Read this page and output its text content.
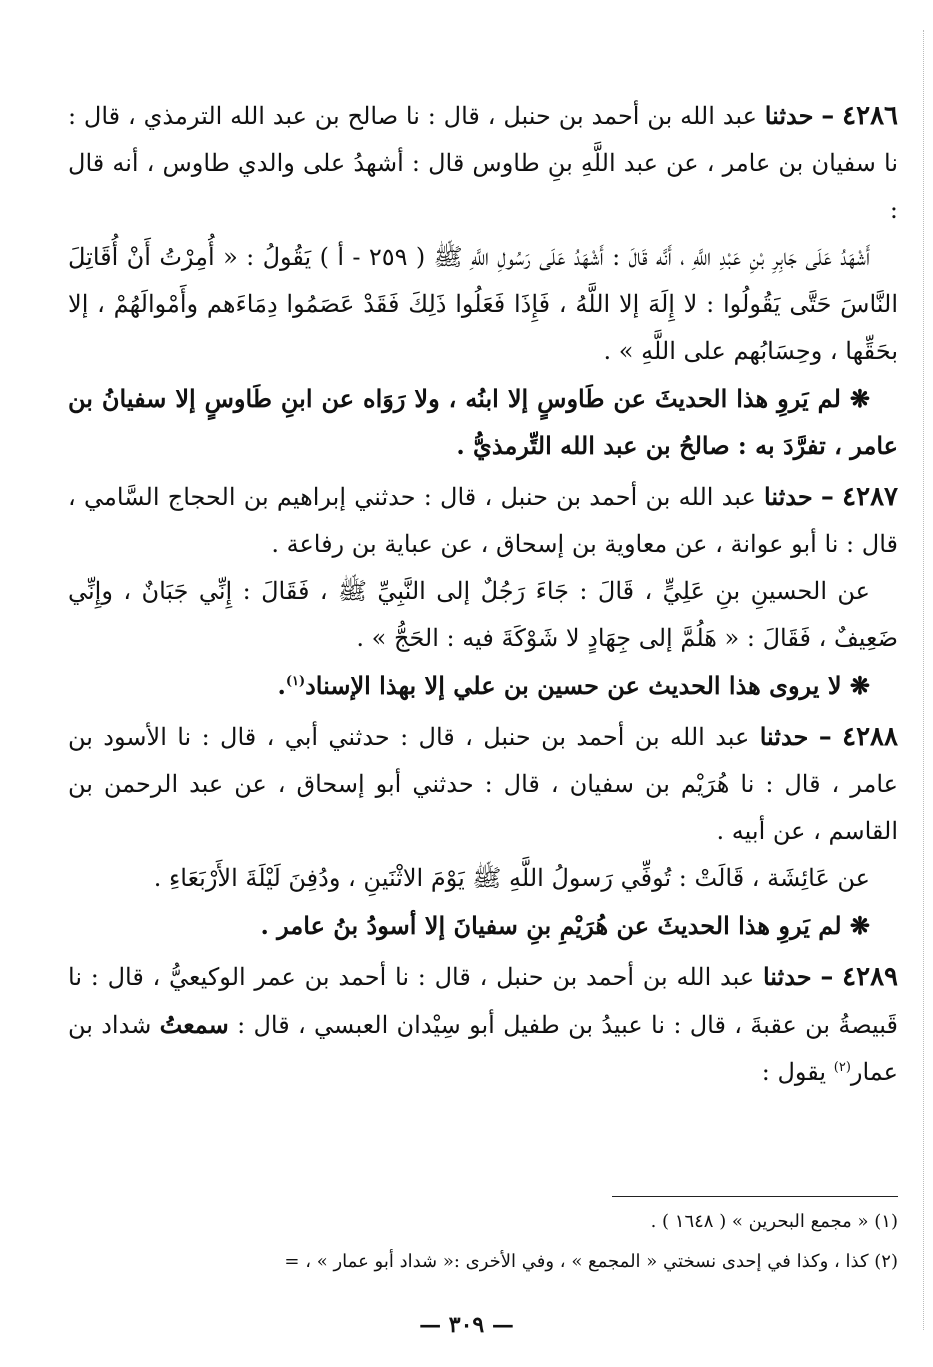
٤٢٨٦ – حدثنا عبد الله بن أحمد بن حنبل ، قال : نا صالح بن عبد الله الترمذي ، قال : نا سفيان بن عامر ، عن عبد اللَّهِ بنِ طاوس قال : أشهدُ على والدي طاوس ، أنه قال :

أَشْهَدُ عَلَى جَابِرِ بْنِ عَبْدِ اللَّهِ ، أَنَّه قَالَ : أَشْهَدُ عَلَى رَسُولِ اللَّهِ ﷺ ( ٢٥٩ - أ ) يَقُولُ : « أُمِرْتُ أَنْ أُقَاتِلَ النَّاسَ حَتَّى يَقُولُوا : لا إِلَهَ إلا اللَّهُ ، فَإِذَا فَعَلُوا ذَلِكَ فَقَدْ عَصَمُوا دِمَاءَهم وأَمْوالَهُمْ ، إلا بحَقِّها ، وحِسَابُهم على اللَّهِ » .

❋ لم يَروِ هذا الحديثَ عن طَاوسٍ إلا ابنُه ، ولا رَوَاه عن ابنِ طَاوسٍ إلا سفيانُ بن عامر ، تفرَّدَ به : صالحُ بن عبد الله التِّرمذيُّ .

٤٢٨٧ – حدثنا عبد الله بن أحمد بن حنبل ، قال : حدثني إبراهيم بن الحجاج السَّامي ، قال : نا أبو عوانة ، عن معاوية بن إسحاق ، عن عباية بن رفاعة .

عن الحسينِ بنِ عَلِيٍّ ، قَالَ : جَاءَ رَجُلٌ إلى النَّبِيِّ ﷺ ، فَقَالَ : إِنِّي جَبَانٌ ، وإِنِّي ضَعِيفٌ ، فَقَالَ : « هَلُمَّ إلى جِهَادٍ لا شَوْكَةَ فيه : الحَجُّ » .

❋ لا يروى هذا الحديث عن حسين بن علي إلا بهذا الإسناد$^{(١)}$.

٤٢٨٨ – حدثنا عبد الله بن أحمد بن حنبل ، قال : حدثني أبي ، قال : نا الأسود بن عامر ، قال : نا هُرَيْم بن سفيان ، قال : حدثني أبو إسحاق ، عن عبد الرحمن بن القاسم ، عن أبيه .

عن عَائِشَة ، قَالَتْ : تُوفِّي رَسولُ اللَّهِ ﷺ يَوْمَ الاثْنَينِ ، ودُفِنَ لَيْلَةَ الأَرْبَعَاءِ .

❋ لم يَروِ هذا الحديثَ عن هُرَيْمِ بنِ سفيانَ إلا أسودُ بنُ عامر .

٤٢٨٩ – حدثنا عبد الله بن أحمد بن حنبل ، قال : نا أحمد بن عمر الوكيعيُّ ، قال : نا قَبيصةُ بن عقبةَ ، قال : نا عبيدُ بن طفيل أبو سِيْدان العبسي ، قال : سمعتُ شداد بن عمار$^{(٢)}$ يقول :

(١) « مجمع البحرين » ( ١٦٤٨ ) .

(٢) كذا ، وكذا في إحدى نسختي « المجمع » ، وفي الأخرى :« شداد أبو عمار » ، =

— ٣٠٩ —
